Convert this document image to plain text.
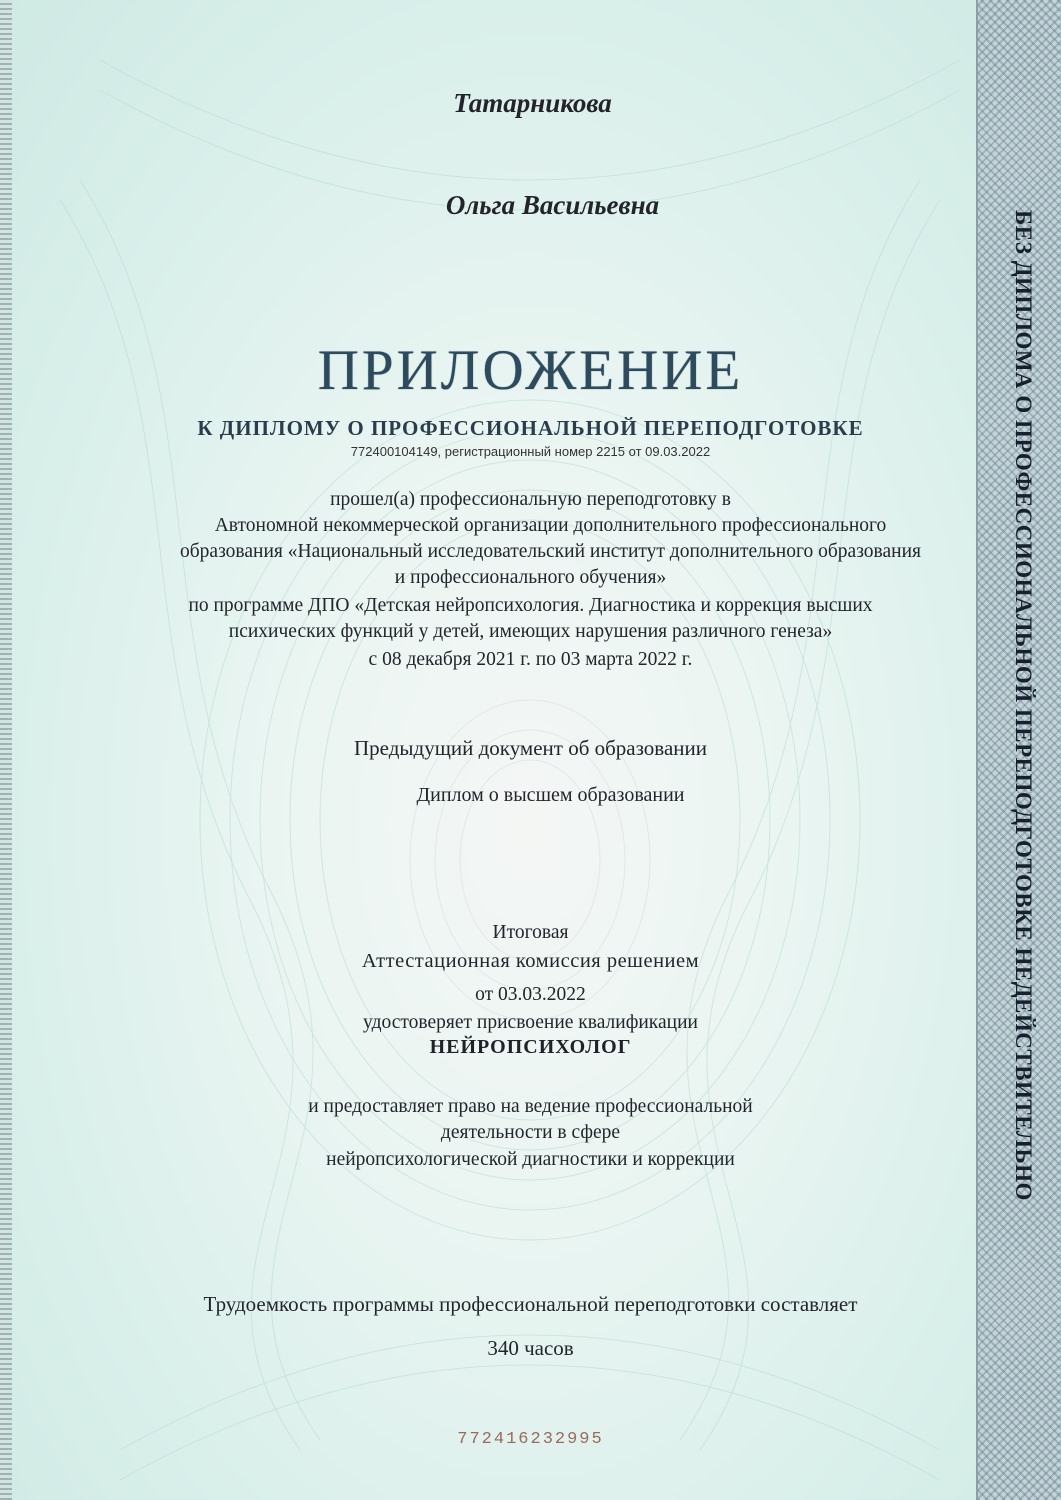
БЕЗ ДИПЛОМА О ПРОФЕССИОНАЛЬНОЙ ПЕРЕПОДГОТОВКЕ НЕДЕЙСТВИТЕЛЬНО
Татарникова
Ольга Васильевна
ПРИЛОЖЕНИЕ
К ДИПЛОМУ О ПРОФЕССИОНАЛЬНОЙ ПЕРЕПОДГОТОВКЕ
772400104149, регистрационный номер 2215 от 09.03.2022
прошел(а) профессиональную переподготовку в
Автономной некоммерческой организации дополнительного профессионального
образования «Национальный исследовательский институт дополнительного образования
и профессионального обучения»
по программе ДПО «Детская нейропсихология. Диагностика и коррекция высших
психических функций у детей, имеющих нарушения различного генеза»
с 08 декабря 2021 г. по 03 марта 2022 г.
Предыдущий документ об образовании
Диплом о высшем образовании
Итоговая
Аттестационная комиссия решением
от 03.03.2022
удостоверяет присвоение квалификации
НЕЙРОПСИХОЛОГ
и предоставляет право на ведение профессиональной
деятельности в сфере
нейропсихологической диагностики и коррекции
Трудоемкость программы профессиональной переподготовки составляет
340 часов
772416232995
